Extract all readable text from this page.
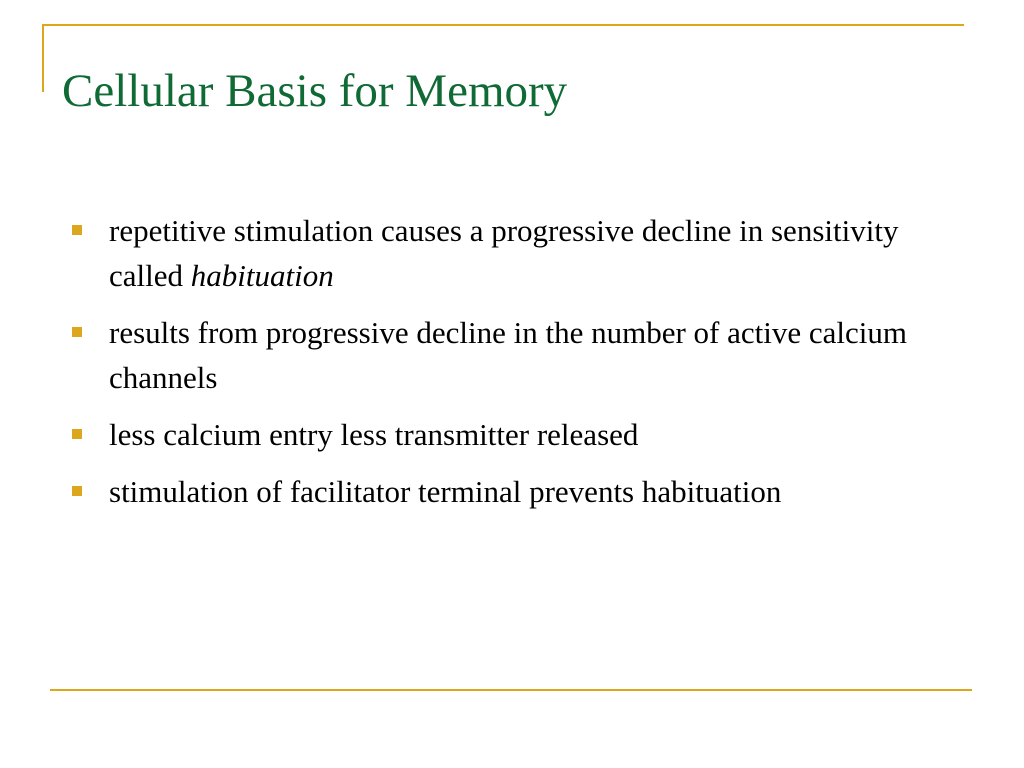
Cellular Basis for Memory
repetitive stimulation causes a progressive decline in sensitivity called habituation
results from progressive decline in the number of active calcium channels
less calcium entry less transmitter released
stimulation of facilitator terminal prevents habituation
